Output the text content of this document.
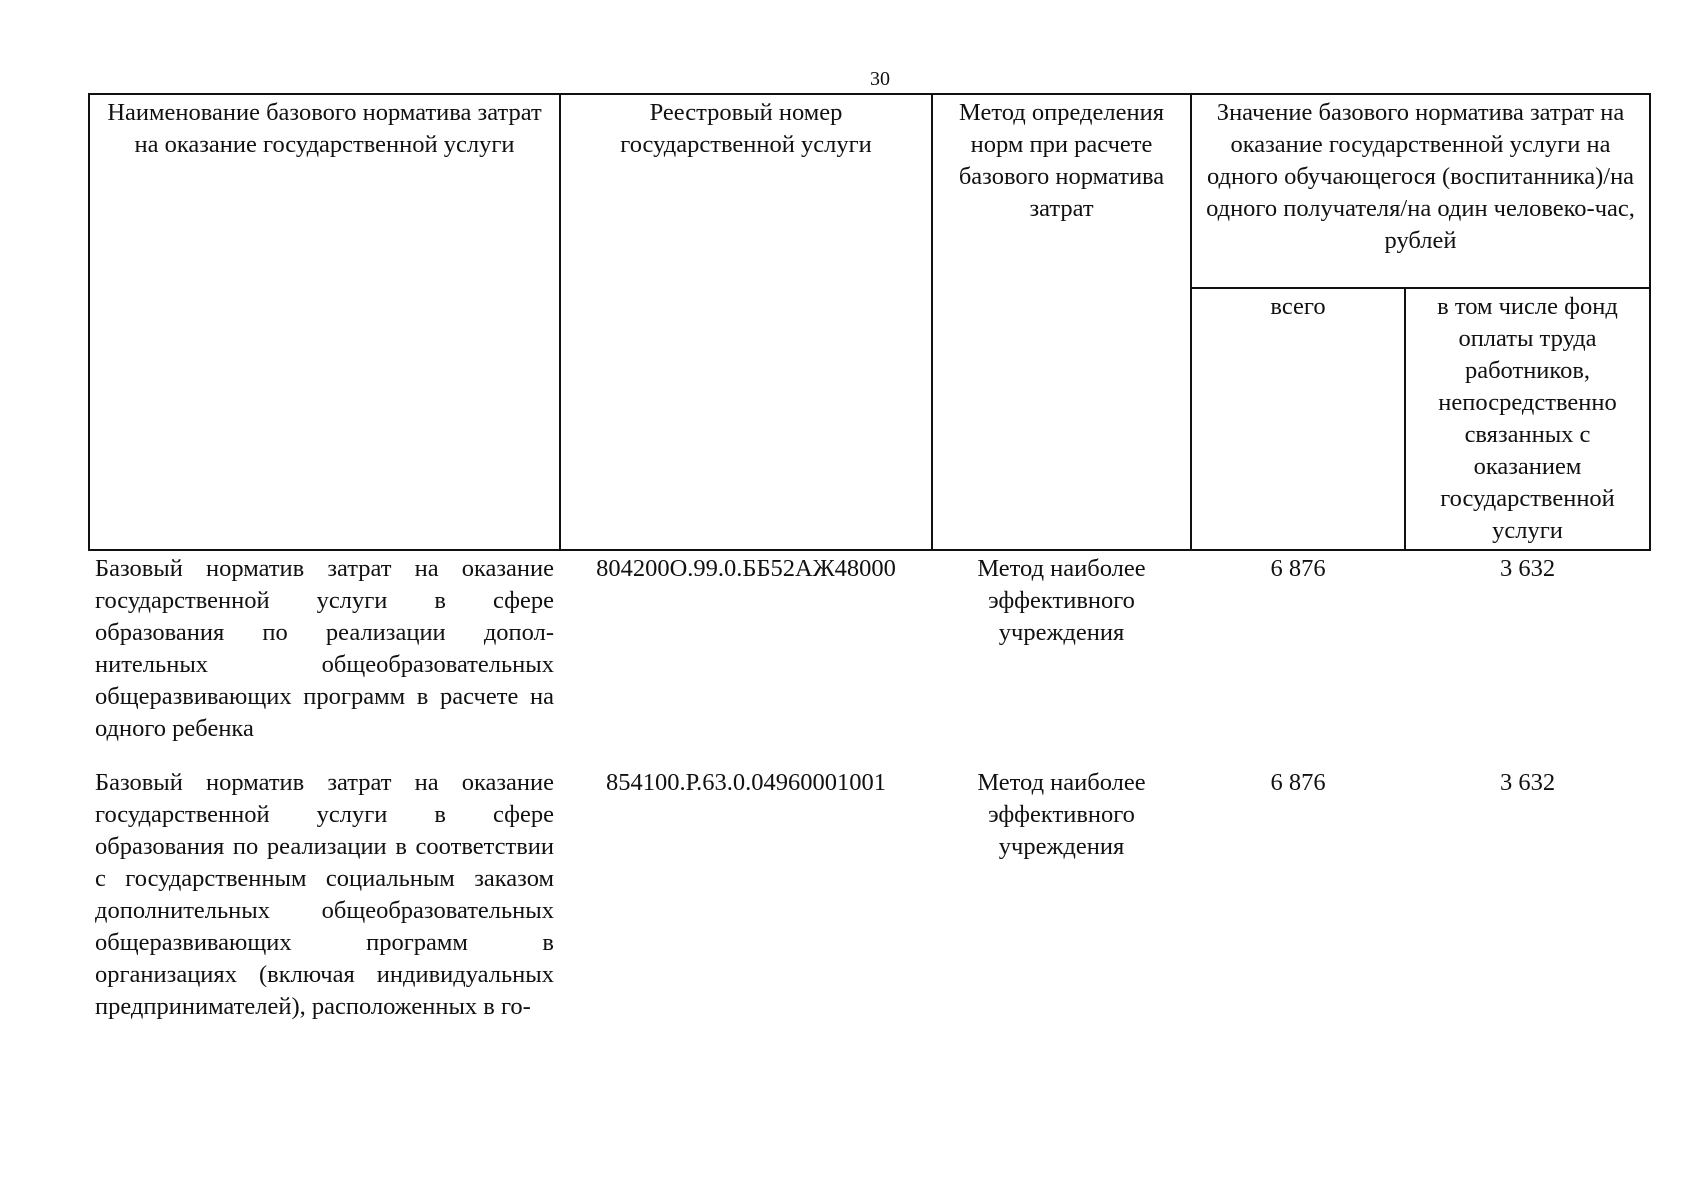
30
Наименование базового норматива затрат на оказание государственной услуги	Реестровый номер государственной услуги	Метод определения норм при расчете базового норматива затрат	Значение базового норматива затрат на оказание государственной услуги на одного обучающегося (воспитанника)/на одного получателя/на один человеко-час, рублей	
			всего	в том числе фонд оплаты труда работников, непосредственно связанных с оказанием государственной услуги
Базовый норматив затрат на оказание государственной услуги в сфере образования по реализации дополнительных общеобразовательных общеразвивающих программ в расчете на одного ребенка	804200О.99.0.ББ52АЖ48000	Метод наиболее эффективного учреждения	6 876	3 632
Базовый норматив затрат на оказание государственной услуги в сфере образования по реализации в соответствии с государственным социальным заказом дополнительных общеобразовательных общеразвивающих программ в организациях (включая индивидуальных предпринимателей), расположенных в го-	854100.Р.63.0.04960001001	Метод наиболее эффективного учреждения	6 876	3 632
